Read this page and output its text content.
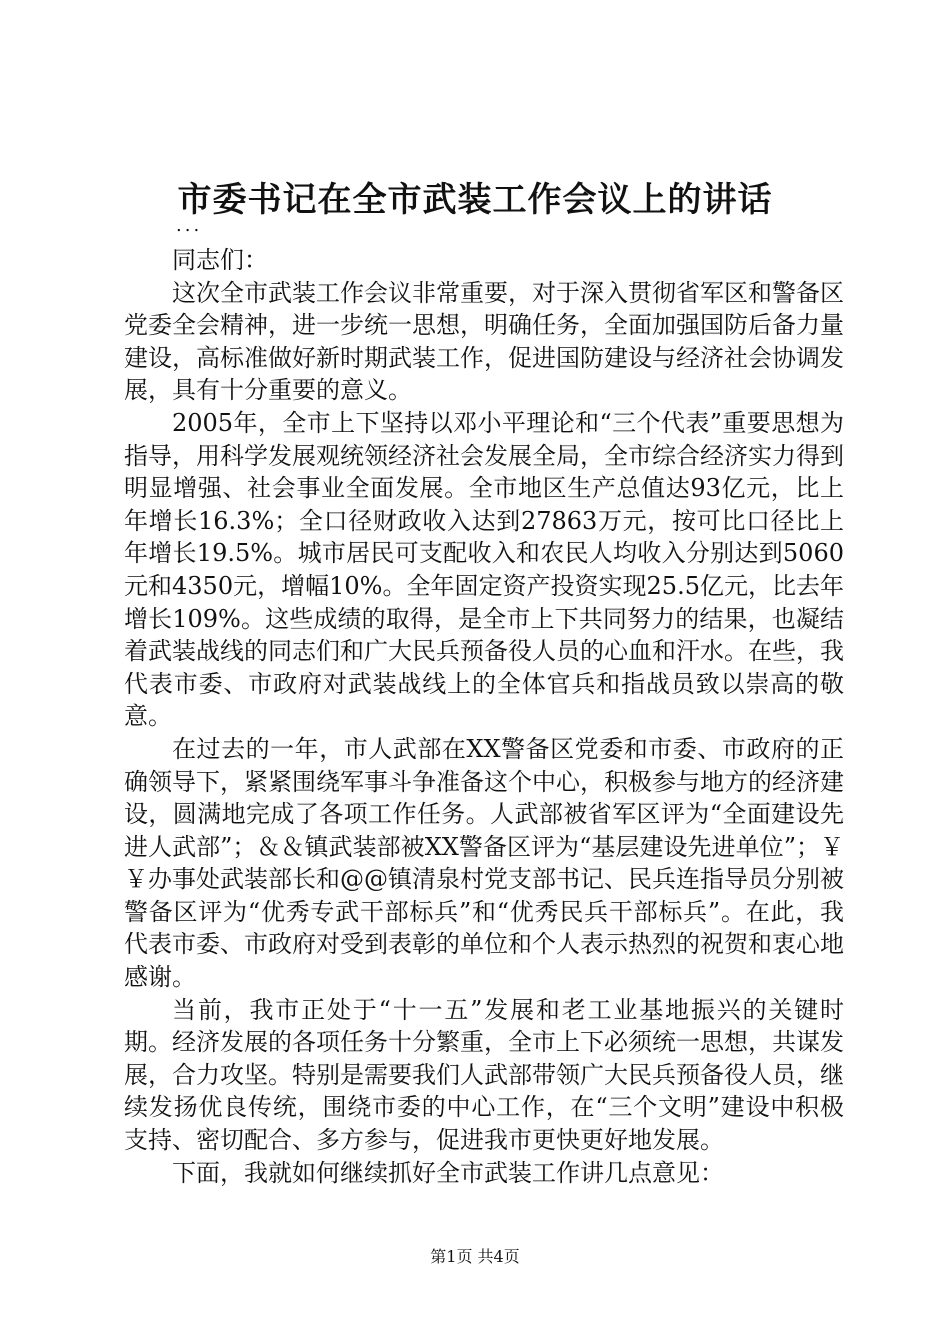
市委书记在全市武装工作会议上的讲话
...
同志们：

这次全市武装工作会议非常重要，对于深入贯彻省军区和警备区党委全会精神，进一步统一思想，明确任务，全面加强国防后备力量建设，高标准做好新时期武装工作，促进国防建设与经济社会协调发展，具有十分重要的意义。

2005年，全市上下坚持以邓小平理论和“三个代表”重要思想为指导，用科学发展观统领经济社会发展全局，全市综合经济实力得到明显增强、社会事业全面发展。全市地区生产总值达93亿元，比上年增长16.3%；全口径财政收入达到27863万元，按可比口径比上年增长19.5%。城市居民可支配收入和农民人均收入分别达到5060元和4350元，增幅10%。全年固定资产投资实现25.5亿元，比去年增长109%。这些成绩的取得，是全市上下共同努力的结果，也凝结着武装战线的同志们和广大民兵预备役人员的心血和汗水。在些，我代表市委、市政府对武装战线上的全体官兵和指战员致以崇高的敬意。

在过去的一年，市人武部在XX警备区党委和市委、市政府的正确领导下，紧紧围绕军事斗争准备这个中心，积极参与地方的经济建设，圆满地完成了各项工作任务。人武部被省军区评为“全面建设先进人武部”；＆＆镇武装部被XX警备区评为“基层建设先进单位”；￥￥办事处武装部长和@@镇清泉村党支部书记、民兵连指导员分别被警备区评为“优秀专武干部标兵”和“优秀民兵干部标兵”。在此，我代表市委、市政府对受到表彰的单位和个人表示热烈的祝贺和衷心地感谢。

当前，我市正处于“十一五”发展和老工业基地振兴的关键时期。经济发展的各项任务十分繁重，全市上下必须统一思想，共谋发展，合力攻坚。特别是需要我们人武部带领广大民兵预备役人员，继续发扬优良传统，围绕市委的中心工作，在“三个文明”建设中积极支持、密切配合、多方参与，促进我市更快更好地发展。

下面，我就如何继续抓好全市武装工作讲几点意见：

第1页 共4页
